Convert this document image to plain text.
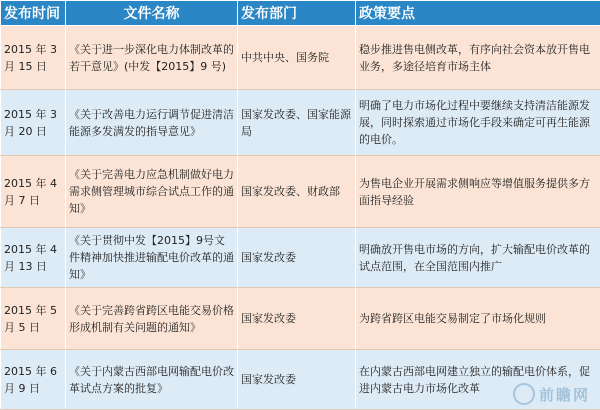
发布时间	文件名称	发布部门	政策要点
2015 年 3 月 15 日	《关于进一步深化电力体制改革的若干意见》(中发【2015】9 号)	中共中央、国务院	稳步推进售电侧改革，有序向社会资本放开售电业务，多途径培育市场主体
2015 年 3 月 20 日	《关于改善电力运行调节促进清洁能源多发满发的指导意见》	国家发改委、国家能源局	明确了电力市场化过程中要继续支持清洁能源发展，同时探索通过市场化手段来确定可再生能源的电价。
2015 年 4 月 7 日	《关于完善电力应急机制做好电力需求侧管理城市综合试点工作的通知》	国家发改委、财政部	为售电企业开展需求侧响应等增值服务提供多方面指导经验
2015 年 4 月 13 日	《关于贯彻中发【2015】9号文件精神加快推进输配电价改革的通知》	国家发改委	明确放开售电市场的方向，扩大输配电价改革的试点范围，在全国范围内推广
2015 年 5 月 5 日	《关于完善跨省跨区电能交易价格形成机制有关问题的通知》	国家发改委	为跨省跨区电能交易制定了市场化规则
2015 年 6 月 9 日	《关于内蒙古西部电网输配电价改革试点方案的批复》	国家发改委	在内蒙古西部电网建立独立的输配电价体系，促进内蒙古电力市场化改革	前瞻网
